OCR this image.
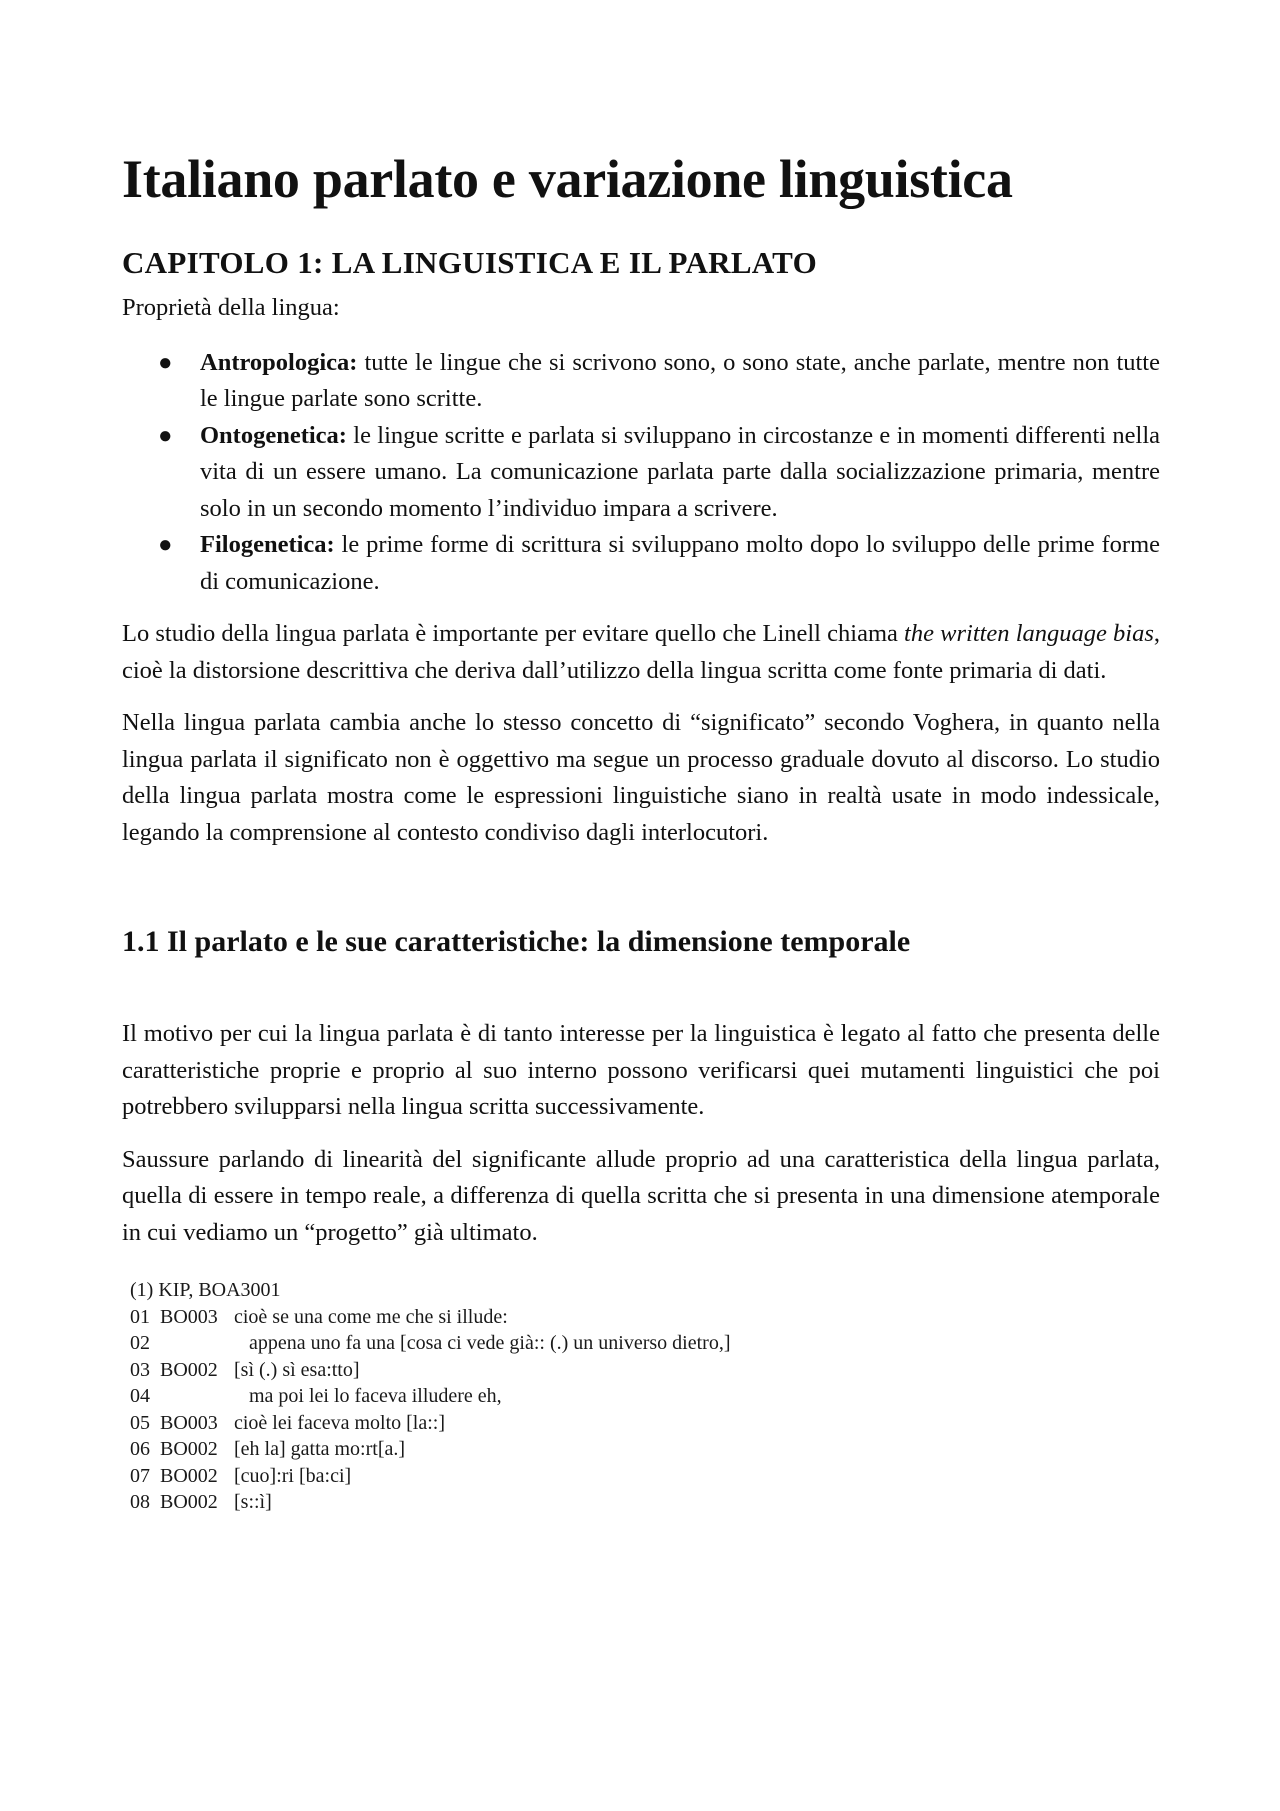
Italiano parlato e variazione linguistica
CAPITOLO 1: LA LINGUISTICA E IL PARLATO

Proprietà della lingua:

● Antropologica: tutte le lingue che si scrivono sono, o sono state, anche parlate, mentre non tutte le lingue parlate sono scritte.
● Ontogenetica: le lingue scritte e parlata si sviluppano in circostanze e in momenti differenti nella vita di un essere umano. La comunicazione parlata parte dalla socializzazione primaria, mentre solo in un secondo momento l’individuo impara a scrivere.
● Filogenetica: le prime forme di scrittura si sviluppano molto dopo lo sviluppo delle prime forme di comunicazione.

Lo studio della lingua parlata è importante per evitare quello che Linell chiama the written language bias, cioè la distorsione descrittiva che deriva dall’utilizzo della lingua scritta come fonte primaria di dati.

Nella lingua parlata cambia anche lo stesso concetto di “significato” secondo Voghera, in quanto nella lingua parlata il significato non è oggettivo ma segue un processo graduale dovuto al discorso. Lo studio della lingua parlata mostra come le espressioni linguistiche siano in realtà usate in modo indessicale, legando la comprensione al contesto condiviso dagli interlocutori.

1.1 Il parlato e le sue caratteristiche: la dimensione temporale

Il motivo per cui la lingua parlata è di tanto interesse per la linguistica è legato al fatto che presenta delle caratteristiche proprie e proprio al suo interno possono verificarsi quei mutamenti linguistici che poi potrebbero svilupparsi nella lingua scritta successivamente.

Saussure parlando di linearità del significante allude proprio ad una caratteristica della lingua parlata, quella di essere in tempo reale, a differenza di quella scritta che si presenta in una dimensione atemporale in cui vediamo un “progetto” già ultimato.

(1) KIP, BOA3001
01 BO003 cioè se una come me che si illude:
02	appena uno fa una [cosa ci vede già:: (.) un universo dietro,]
03 BO002 [sì (.) sì esa:tto]
04	ma poi lei lo faceva illudere eh,
05 BO003 cioè lei faceva molto [la::]
06 BO002 [eh la] gatta mo:rt[a.]
07 BO002 [cuo]:ri [ba:ci]
08 BO002 [s::ì]
